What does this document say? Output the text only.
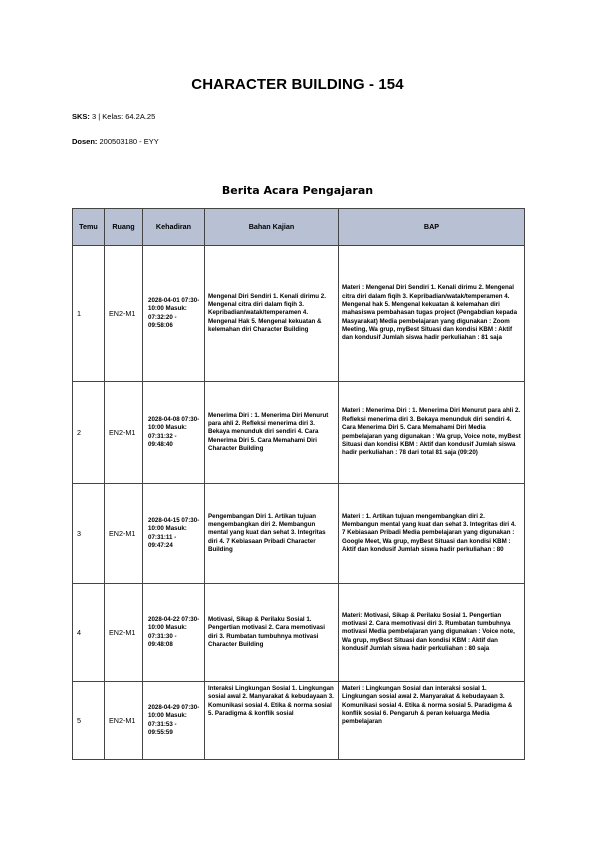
CHARACTER BUILDING - 154
SKS: 3 | Kelas: 64.2A.25
Dosen: 200503180 - EYY
Berita Acara Pengajaran
Temu	Ruang	Kehadiran	Bahan Kajian	BAP
1	EN2-M1	2028-04-01 07:30-10:00 Masuk: 07:32:20 - 09:58:06	Mengenal Diri Sendiri 1. Kenali dirimu 2. Mengenal citra diri dalam fiqih 3. Kepribadian/watak/temperamen 4. Mengenal Hak 5. Mengenal kekuatan & kelemahan diri Character Building	Materi : Mengenal Diri Sendiri 1. Kenali dirimu 2. Mengenal citra diri dalam fiqih 3. Kepribadian/watak/temperamen 4. Mengenal hak 5. Mengenal kekuatan & kelemahan diri mahasiswa pembahasan tugas project (Pengabdian kepada Masyarakat) Media pembelajaran yang digunakan : Zoom Meeting, Wa grup, myBest Situasi dan kondisi KBM : Aktif dan kondusif Jumlah siswa hadir perkuliahan : 81 saja
2	EN2-M1	2028-04-08 07:30-10:00 Masuk: 07:31:32 - 09:48:40	Menerima Diri : 1. Menerima Diri Menurut para ahli 2. Refleksi menerima diri 3. Bekaya menunduk diri sendiri 4. Cara Menerima Diri 5. Cara Memahami Diri Character Building	Materi : Menerima Diri : 1. Menerima Diri Menurut para ahli 2. Refleksi menerima diri 3. Bekaya menunduk diri sendiri 4. Cara Menerima Diri 5. Cara Memahami Diri Media pembelajaran yang digunakan : Wa grup, Voice note, myBest Situasi dan kondisi KBM : Aktif dan kondusif Jumlah siswa hadir perkuliahan : 78 dari total 81 saja (09:20)
3	EN2-M1	2028-04-15 07:30-10:00 Masuk: 07:31:11 - 09:47:24	Pengembangan Diri 1. Artikan tujuan mengembangkan diri 2. Membangun mental yang kuat dan sehat 3. Integritas diri 4. 7 Kebiasaan Pribadi Character Building	Materi : 1. Artikan tujuan mengembangkan diri 2. Membangun mental yang kuat dan sehat 3. Integritas diri 4. 7 Kebiasaan Pribadi Media pembelajaran yang digunakan : Google Meet, Wa grup, myBest Situasi dan kondisi KBM : Aktif dan kondusif Jumlah siswa hadir perkuliahan : 80
4	EN2-M1	2028-04-22 07:30-10:00 Masuk: 07:31:30 - 09:48:08	Motivasi, Sikap & Perilaku Sosial 1. Pengertian motivasi 2. Cara memotivasi diri 3. Rumbatan tumbuhnya motivasi Character Building	Materi: Motivasi, Sikap & Perilaku Sosial 1. Pengertian motivasi 2. Cara memotivasi diri 3. Rumbatan tumbuhnya motivasi Media pembelajaran yang digunakan : Voice note, Wa grup, myBest Situasi dan kondisi KBM : Aktif dan kondusif Jumlah siswa hadir perkuliahan : 80 saja
5	EN2-M1	2028-04-29 07:30-10:00 Masuk: 07:31:53 - 09:55:59	Interaksi Lingkungan Sosial 1. Lingkungan sosial awal 2. Manyarakat & kebudayaan 3. Komunikasi sosial 4. Etika & norma sosial 5. Paradigma & konflik sosial	Materi : Lingkungan Sosial dan interaksi sosial 1. Lingkungan sosial awal 2. Manyarakat & kebudayaan 3. Komunikasi sosial 4. Etika & norma sosial 5. Paradigma & konflik sosial 6. Pengaruh & peran keluarga Media pembelajaran
